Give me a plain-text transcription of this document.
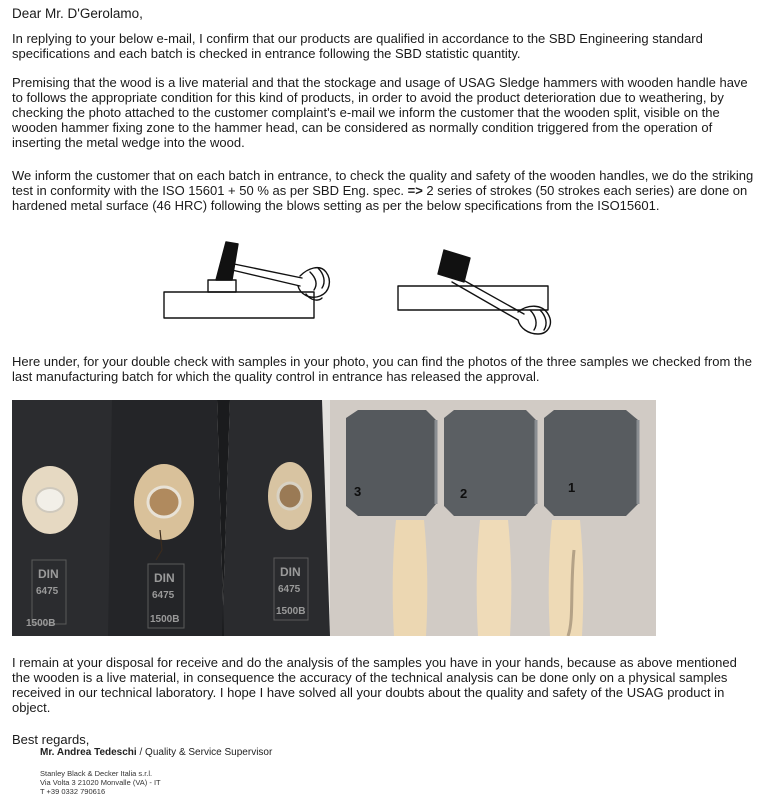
Dear Mr. D'Gerolamo,

In replying to your below e-mail, I confirm that our products are qualified in accordance to the SBD Engineering standard specifications and each batch is checked in entrance following the SBD statistic quantity.

Premising that the wood is a live material and that the stockage and usage of USAG Sledge hammers with wooden handle have to follows the appropriate condition for this kind of products, in order to avoid the product deterioration due to weathering, by checking the photo attached to the customer complaint's e-mail we inform the customer that the wooden split, visible on the wooden hammer fixing zone to the hammer head, can be considered as normally condition triggered from the operation of inserting the metal wedge into the wood.

We inform the customer that on each batch in entrance, to check the quality and safety of the wooden handles, we do the striking test in conformity with the ISO 15601 + 50 % as per SBD Eng. spec. => 2 series of strokes (50 strokes each series) are done on hardened metal surface (46 HRC) following the blows setting as per the below specifications from the ISO15601.

Here under, for your double check with samples in your photo, you can find the photos of the three samples we checked from the last manufacturing batch for which the quality control in entrance has released the approval.

DIN
6475
1500B
DIN
6475
1500B
DIN
6475
1500B
3	2	1

I remain at your disposal for receive and do the analysis of the samples you have in your hands, because as above mentioned the wooden is a live material, in consequence the accuracy of the technical analysis can be done only on a physical samples received in our technical laboratory. I hope I have solved all your doubts about the quality and safety of the USAG product in object.

Best regards,

Mr. Andrea Tedeschi / Quality & Service Supervisor
Stanley Black & Decker Italia s.r.l.
Via Volta 3 21020 Monvalle (VA) - IT
T +39 0332 790616
